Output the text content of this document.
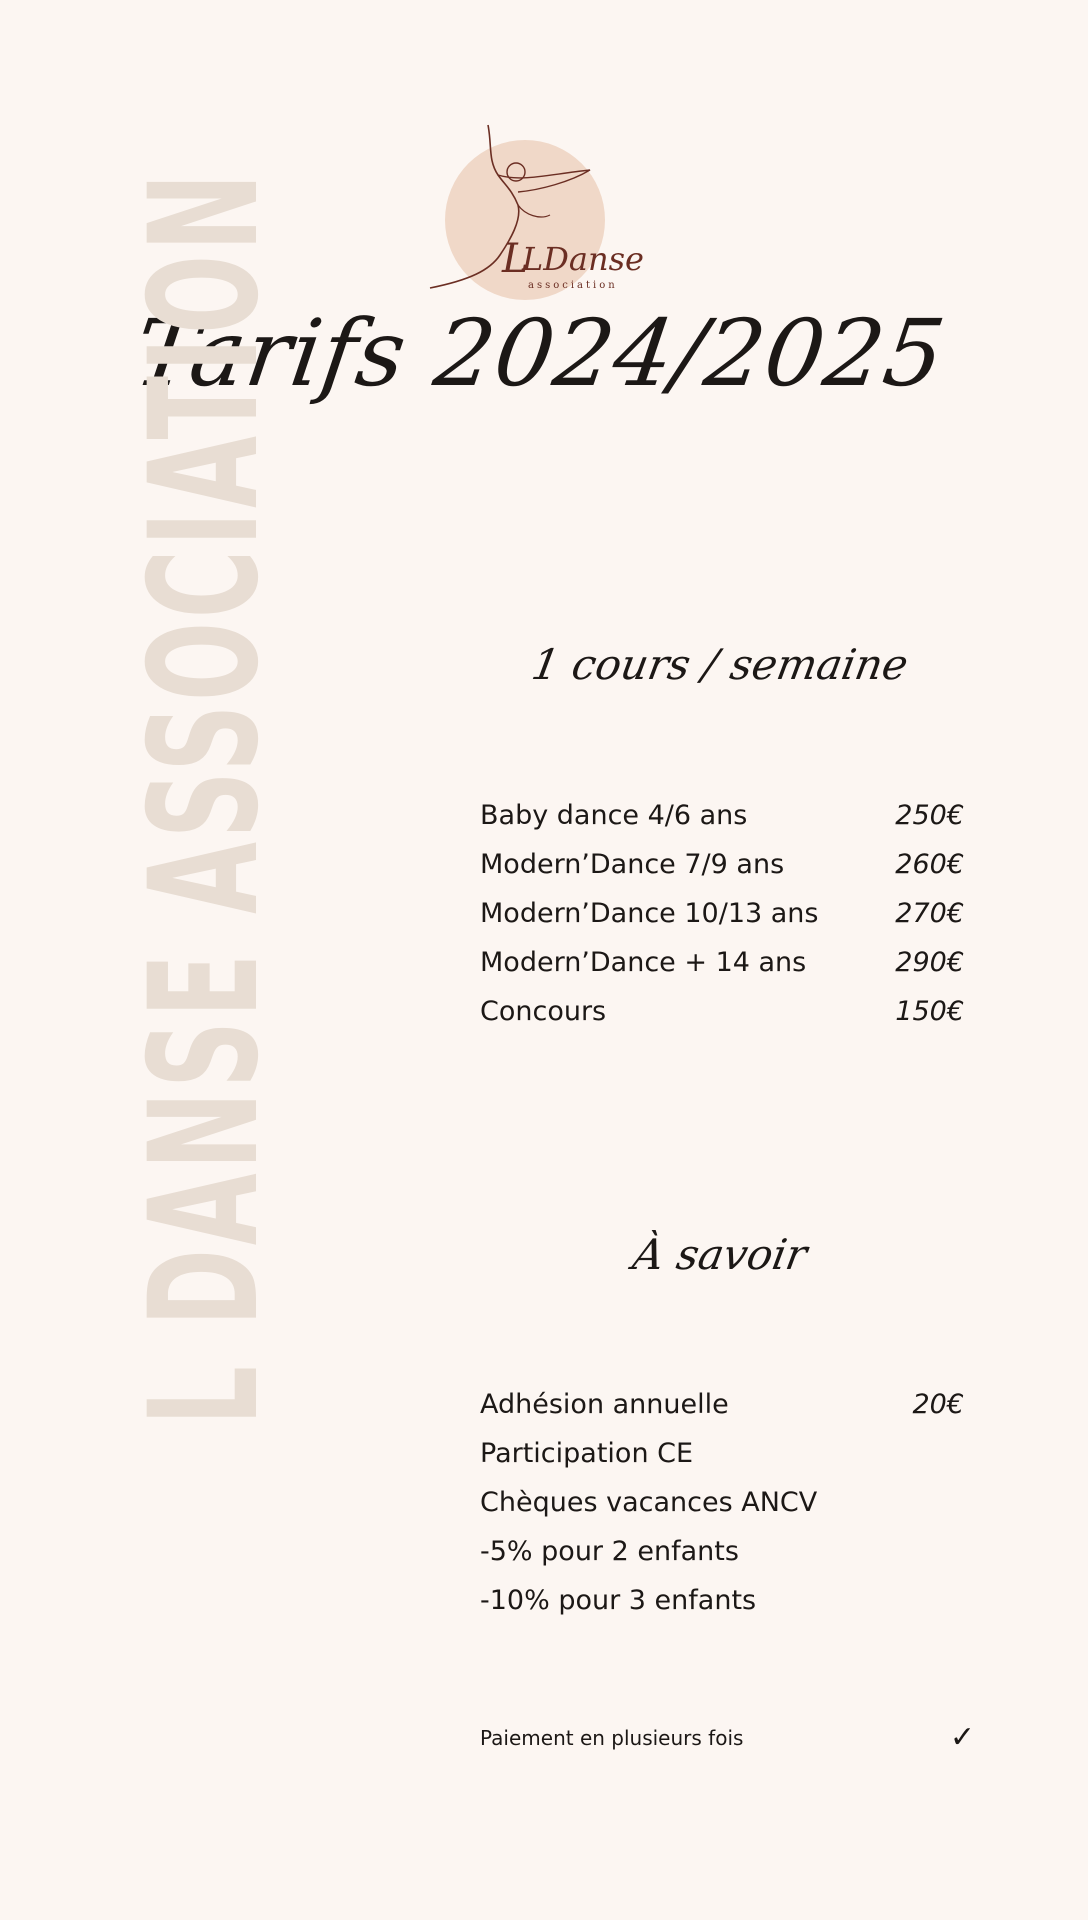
L
LDanse
association
Tarifs 2024/2025
L DANSE ASSOCIATION	1 cours / semaine
Baby dance 4/6 ans	250€
Modern’Dance 7/9 ans	260€
Modern’Dance 10/13 ans	270€
Modern’Dance + 14 ans	290€
Concours	150€
À savoir
Adhésion annuelle	20€
Participation CE
Chèques vacances ANCV
-5% pour 2 enfants
-10% pour 3 enfants
Paiement en plusieurs fois	✓
